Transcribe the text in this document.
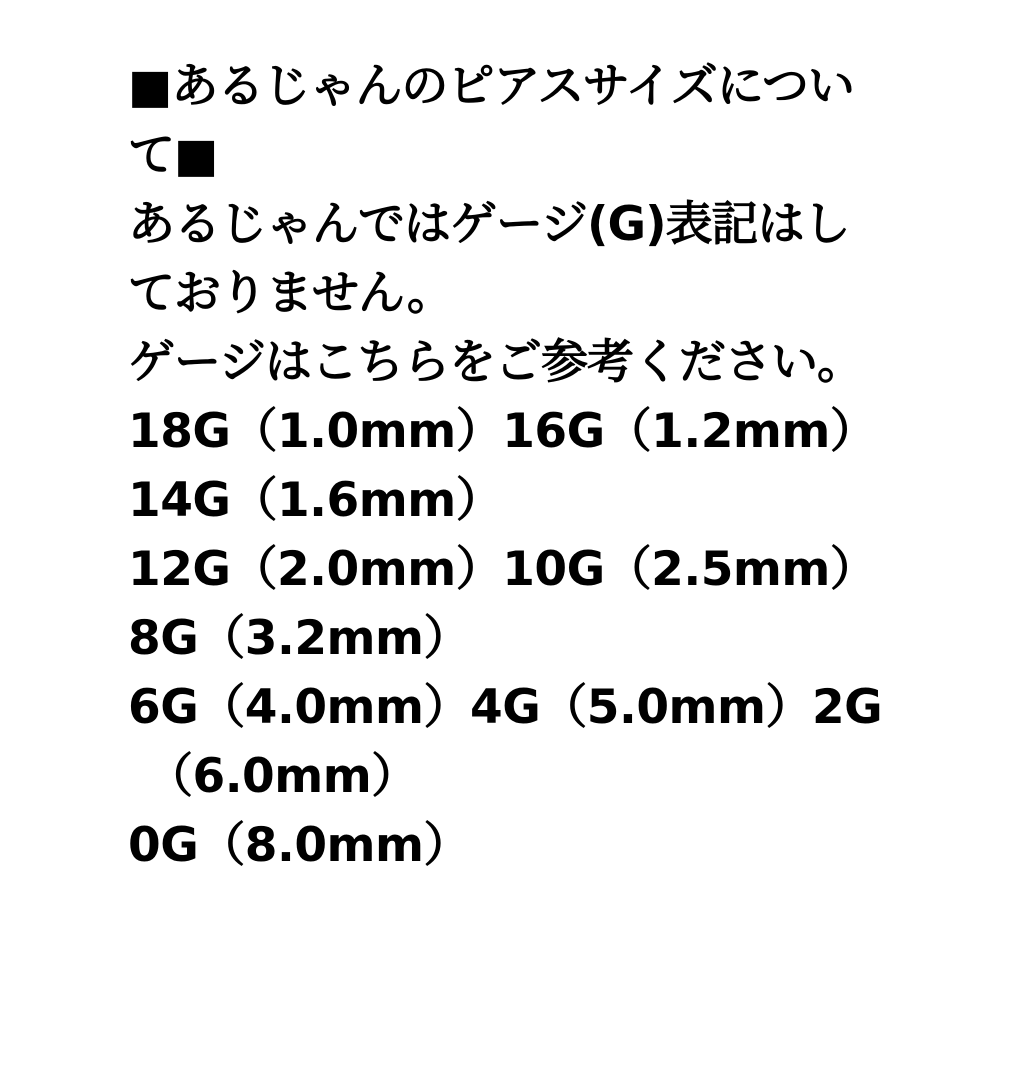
■あるじゃんのピアスサイズについ
て■
あるじゃんではゲージ(G)表記はし
ておりません。
ゲージはこちらをご参考ください。
18G（1.0mm）16G（1.2mm）
14G（1.6mm）
12G（2.0mm）10G（2.5mm）
8G（3.2mm）
6G（4.0mm）4G（5.0mm）2G
（6.0mm）
0G（8.0mm）
